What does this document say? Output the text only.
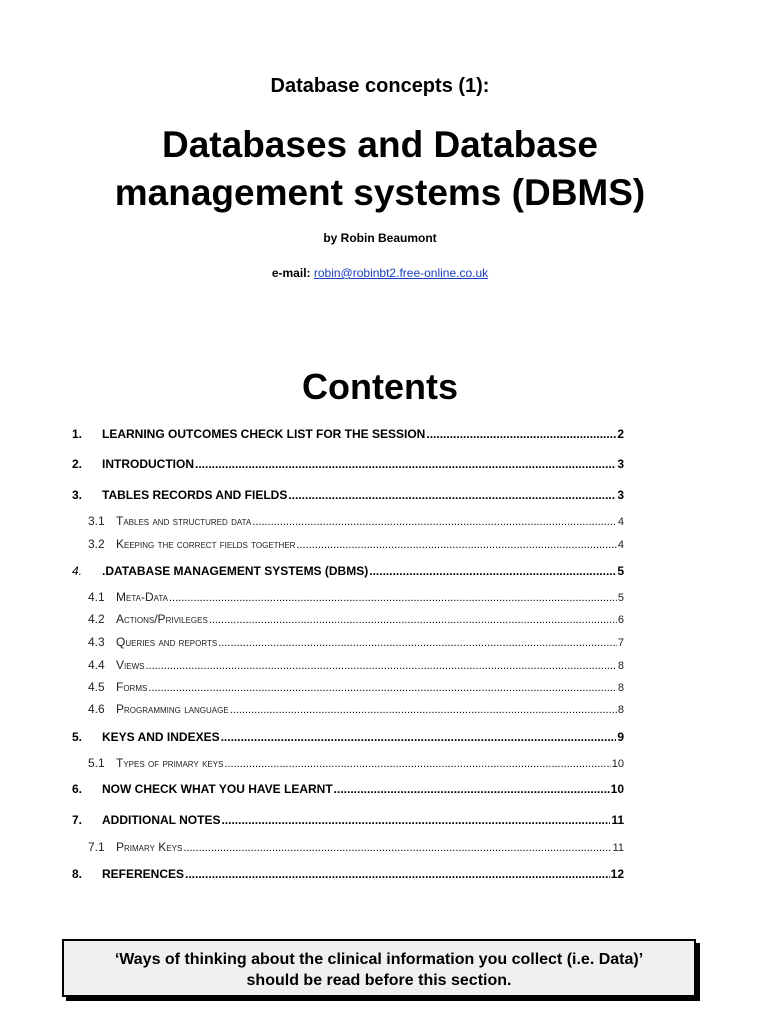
Database concepts (1):
Databases and Database
management systems (DBMS)
by Robin Beaumont
e-mail: robin@robinbt2.free-online.co.uk
Contents
1.	LEARNING OUTCOMES CHECK LIST FOR THE SESSION .....	2
2.	INTRODUCTION .....	3
3.	TABLES RECORDS AND FIELDS .....	3
3.1 Tables and structured data .....	4
3.2 Keeping the correct fields together .....	4
4.	.DATABASE MANAGEMENT SYSTEMS (DBMS) .....	5
4.1 Meta-Data .....	5
4.2 Actions/Privileges .....	6
4.3 Queries and reports .....	7
4.4 Views .....	8
4.5 Forms .....	8
4.6 Programming language .....	8
5.	KEYS AND INDEXES .....	9
5.1 Types of primary keys .....	10
6.	NOW CHECK WHAT YOU HAVE LEARNT .....	10
7.	ADDITIONAL NOTES .....	11
7.1 Primary Keys .....	11
8.	REFERENCES .....	12
‘Ways of thinking about the clinical information you collect (i.e. Data)’
should be read before this section.
